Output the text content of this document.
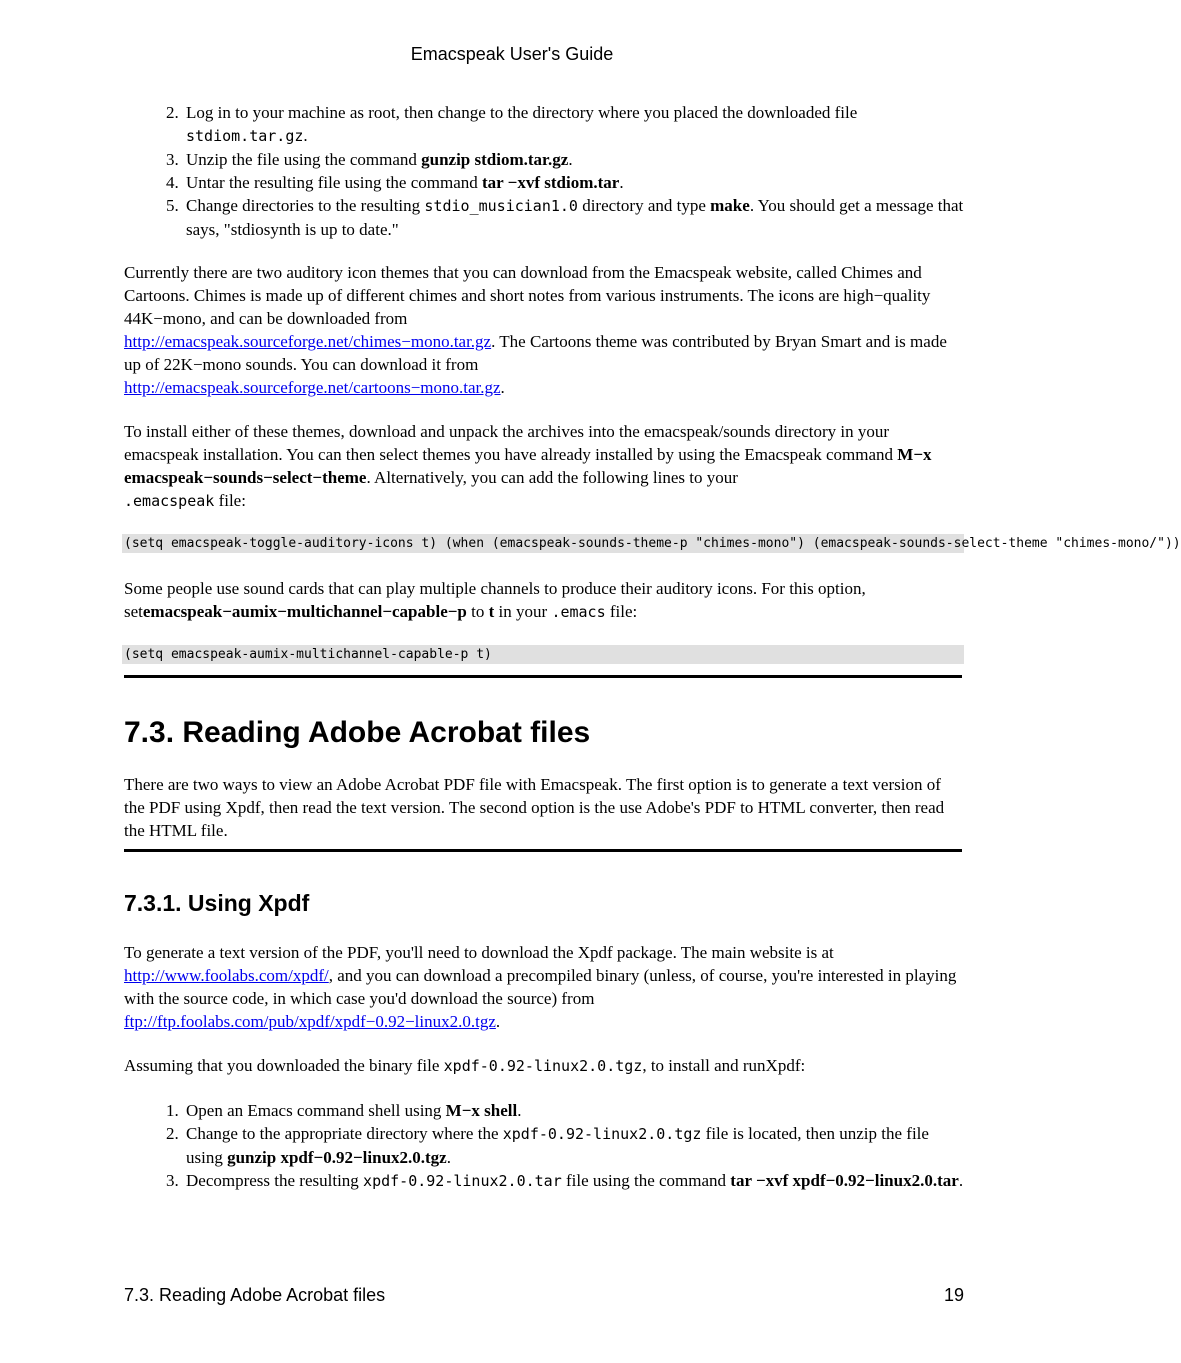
Emacspeak User's Guide
2. Log in to your machine as root, then change to the directory where you placed the downloaded file
stdiom.tar.gz.
3. Unzip the file using the command gunzip stdiom.tar.gz.
4. Untar the resulting file using the command tar −xvf stdiom.tar.
5. Change directories to the resulting stdio_musician1.0 directory and type make. You should get a message that says, "stdiosynth is up to date."

Currently there are two auditory icon themes that you can download from the Emacspeak website, called Chimes and Cartoons. Chimes is made up of different chimes and short notes from various instruments. The icons are high−quality 44K−mono, and can be downloaded from
http://emacspeak.sourceforge.net/chimes−mono.tar.gz. The Cartoons theme was contributed by Bryan Smart and is made up of 22K−mono sounds. You can download it from
http://emacspeak.sourceforge.net/cartoons−mono.tar.gz.

To install either of these themes, download and unpack the archives into the emacspeak/sounds directory in your emacspeak installation. You can then select themes you have already installed by using the Emacspeak command M−x emacspeak−sounds−select−theme. Alternatively, you can add the following lines to your
.emacspeak file:

(setq emacspeak-toggle-auditory-icons t) (when (emacspeak-sounds-theme-p "chimes-mono") (emacspeak-sounds-select-theme "chimes-mono/"))

Some people use sound cards that can play multiple channels to produce their auditory icons. For this option, setemacspeak−aumix−multichannel−capable−p to t in your .emacs file:

(setq emacspeak-aumix-multichannel-capable-p t)
7.3. Reading Adobe Acrobat files

There are two ways to view an Adobe Acrobat PDF file with Emacspeak. The first option is to generate a text version of the PDF using Xpdf, then read the text version. The second option is the use Adobe's PDF to HTML converter, then read the HTML file.

7.3.1. Using Xpdf

To generate a text version of the PDF, you'll need to download the Xpdf package. The main website is at
http://www.foolabs.com/xpdf/, and you can download a precompiled binary (unless, of course, you're interested in playing with the source code, in which case you'd download the source) from
ftp://ftp.foolabs.com/pub/xpdf/xpdf−0.92−linux2.0.tgz.

Assuming that you downloaded the binary file xpdf-0.92-linux2.0.tgz, to install and runXpdf:

1. Open an Emacs command shell using M−x shell.
2. Change to the appropriate directory where the xpdf-0.92-linux2.0.tgz file is located, then unzip the file using gunzip xpdf−0.92−linux2.0.tgz.
3. Decompress the resulting xpdf-0.92-linux2.0.tar file using the command tar −xvf xpdf−0.92−linux2.0.tar.
7.3. Reading Adobe Acrobat files	19
